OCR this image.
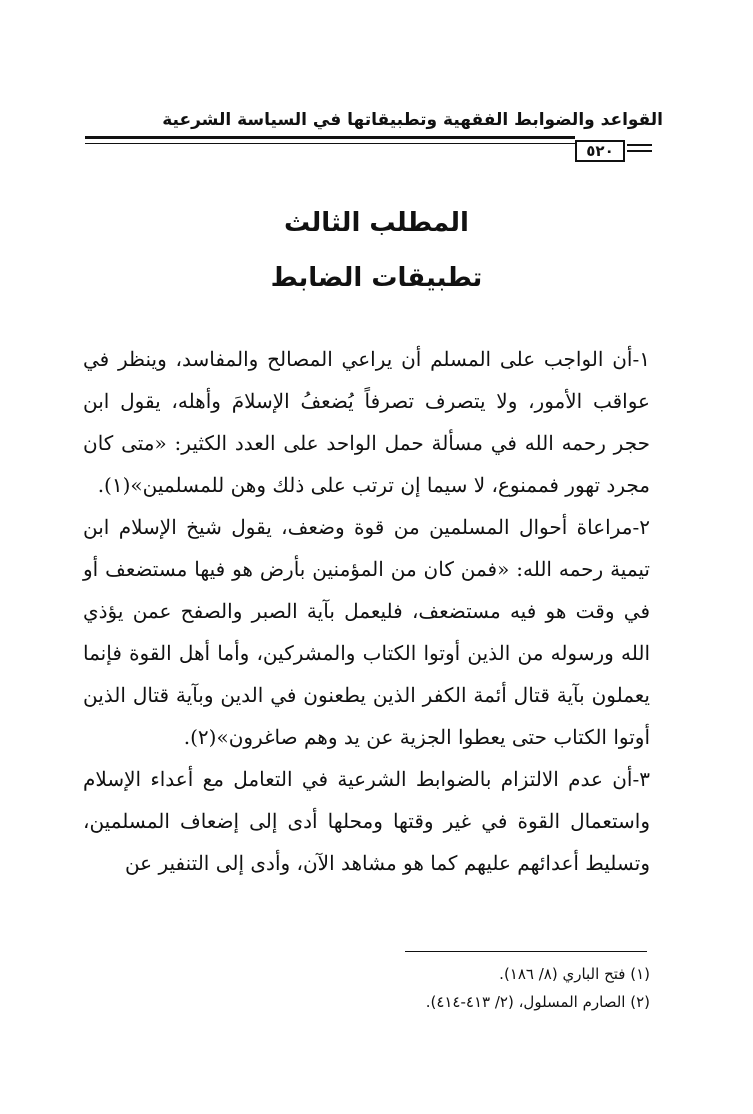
القواعد والضوابط الفقهية وتطبيقاتها في السياسة الشرعية
٥٢٠
المطلب الثالث
تطبيقات الضابط

١-أن الواجب على المسلم أن يراعي المصالح والمفاسد، وينظر في عواقب الأمور، ولا يتصرف تصرفاً يُضعفُ الإسلامَ وأهله، يقول ابن حجر رحمه الله في مسألة حمل الواحد على العدد الكثير: «متى كان مجرد تهور فممنوع، لا سيما إن ترتب على ذلك وهن للمسلمين»(١).

٢-مراعاة أحوال المسلمين من قوة وضعف، يقول شيخ الإسلام ابن تيمية رحمه الله: «فمن كان من المؤمنين بأرض هو فيها مستضعف أو في وقت هو فيه مستضعف، فليعمل بآية الصبر والصفح عمن يؤذي الله ورسوله من الذين أوتوا الكتاب والمشركين، وأما أهل القوة فإنما يعملون بآية قتال أئمة الكفر الذين يطعنون في الدين وبآية قتال الذين أوتوا الكتاب حتى يعطوا الجزية عن يد وهم صاغرون»(٢).

٣-أن عدم الالتزام بالضوابط الشرعية في التعامل مع أعداء الإسلام واستعمال القوة في غير وقتها ومحلها أدى إلى إضعاف المسلمين، وتسليط أعدائهم عليهم كما هو مشاهد الآن، وأدى إلى التنفير عن

(١) فتح الباري (٨/ ١٨٦).
(٢) الصارم المسلول، (٢/ ٤١٣-٤١٤).
